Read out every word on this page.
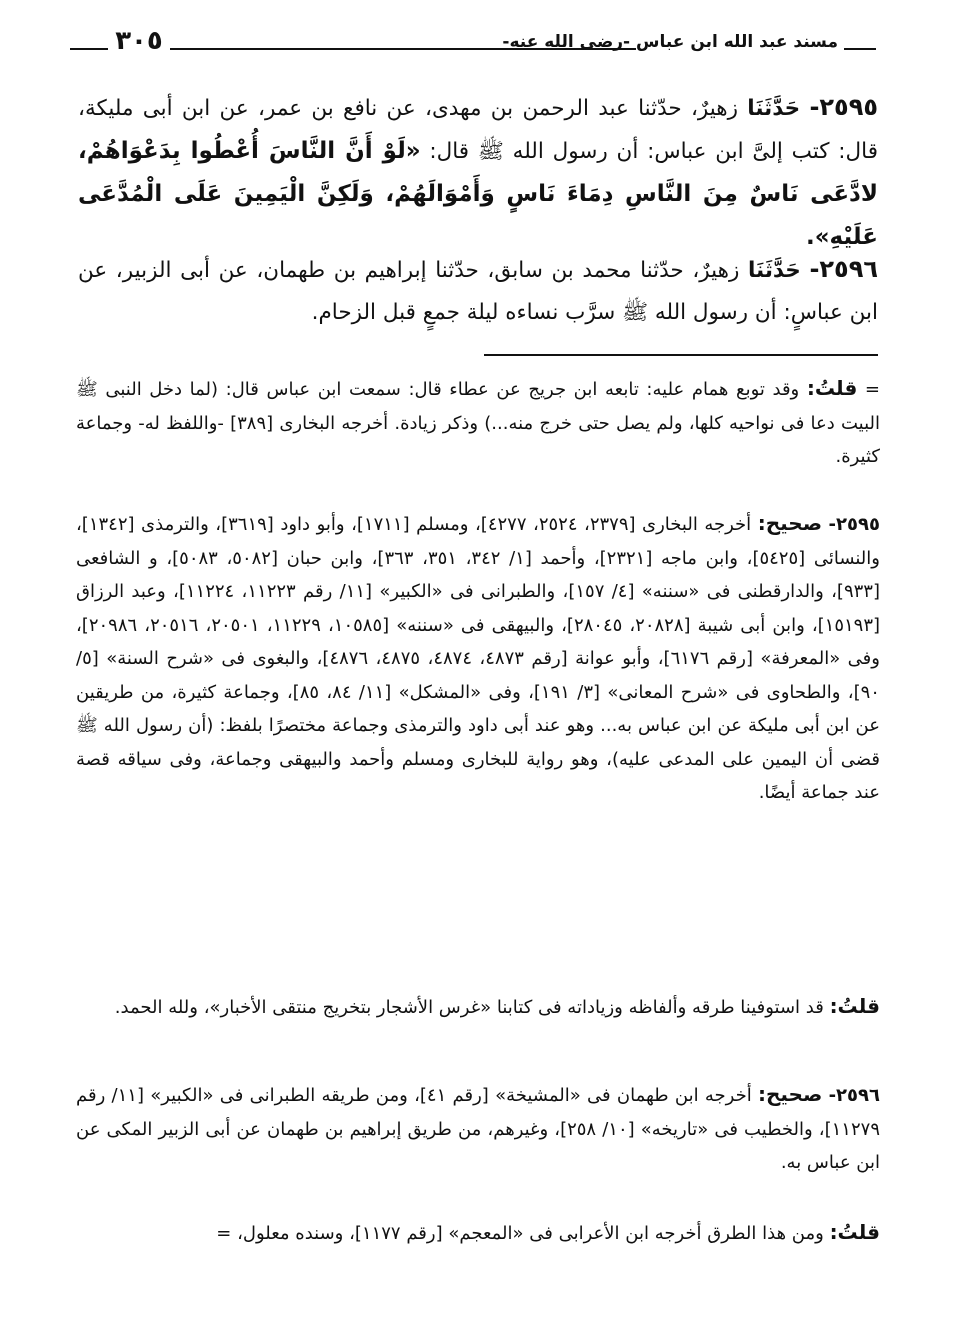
مسند عبد الله ابن عباس -رضى الله عنه-
٣٠٥
٢٥٩٥- حَدَّثَنَا زهيرٌ، حدّثنا عبد الرحمن بن مهدى، عن نافع بن عمر، عن ابن أبى مليكة، قال: كتب إلىَّ ابن عباس: أن رسول الله ﷺ قال: «لَوْ أَنَّ النَّاسَ أُعْطُوا بِدَعْوَاهُمْ، لادَّعَى نَاسٌ مِنَ النَّاسِ دِمَاءَ نَاسٍ وَأَمْوَالَهُمْ، وَلَكِنَّ الْيَمِينَ عَلَى الْمُدَّعَى عَلَيْهِ».
٢٥٩٦- حَدَّثَنَا زهيرٌ، حدّثنا محمد بن سابق، حدّثنا إبراهيم بن طهمان، عن أبى الزبير، عن ابن عباسٍ: أن رسول الله ﷺ سرَّب نساءه ليلة جمعٍ قبل الزحام.
= قلتُ: وقد توبع همام عليه: تابعه ابن جريج عن عطاء قال: سمعت ابن عباس قال: (لما دخل النبى ﷺ البيت دعا فى نواحيه كلها، ولم يصل حتى خرج منه...) وذكر زيادة. أخرجه البخارى [٣٨٩] -واللفظ له- وجماعة كثيرة.
٢٥٩٥- صحيح: أخرجه البخارى [٢٣٧٩، ٢٥٢٤، ٤٢٧٧]، ومسلم [١٧١١]، وأبو داود [٣٦١٩]، والترمذى [١٣٤٢]، والنسائى [٥٤٢٥]، وابن ماجه [٢٣٢١]، وأحمد [١/ ٣٤٢، ٣٥١، ٣٦٣]، وابن حبان [٥٠٨٢، ٥٠٨٣]، و الشافعى [٩٣٣]، والدارقطنى فى «سننه» [٤/ ١٥٧]، والطبرانى فى «الكبير» [١١/ رقم ١١٢٢٣، ١١٢٢٤]، وعبد الرزاق [١٥١٩٣]، وابن أبى شيبة [٢٠٨٢٨، ٢٨٠٤٥]، والبيهقى فى «سننه» [١٠٥٨٥، ١١٢٢٩، ٢٠٥٠١، ٢٠٥١٦، ٢٠٩٨٦]، وفى «المعرفة» [رقم ٦١٧٦]، وأبو عوانة [رقم ٤٨٧٣، ٤٨٧٤، ٤٨٧٥، ٤٨٧٦]، والبغوى فى «شرح السنة» [٥/ ٩٠]، والطحاوى فى «شرح المعانى» [٣/ ١٩١]، وفى «المشكل» [١١/ ٨٤، ٨٥]، وجماعة كثيرة، من طريقين عن ابن أبى مليكة عن ابن عباس به... وهو عند أبى داود والترمذى وجماعة مختصرًا بلفظ: (أن رسول الله ﷺ قضى أن اليمين على المدعى عليه)، وهو رواية للبخارى ومسلم وأحمد والبيهقى وجماعة، وفى سياقه قصة عند جماعة أيضًا.
قلتُ: قد استوفينا طرقه وألفاظه وزياداته فى كتابنا «غرس الأشجار بتخريج منتقى الأخبار»، ولله الحمد.
٢٥٩٦- صحيح: أخرجه ابن طهمان فى «المشيخة» [رقم ٤١]، ومن طريقه الطبرانى فى «الكبير» [١١/ رقم ١١٢٧٩]، والخطيب فى «تاريخه» [١٠/ ٢٥٨]، وغيرهم، من طريق إبراهيم بن طهمان عن أبى الزبير المكى عن ابن عباس به.
قلتُ: ومن هذا الطرق أخرجه ابن الأعرابى فى «المعجم» [رقم ١١٧٧]، وسنده معلول، =
